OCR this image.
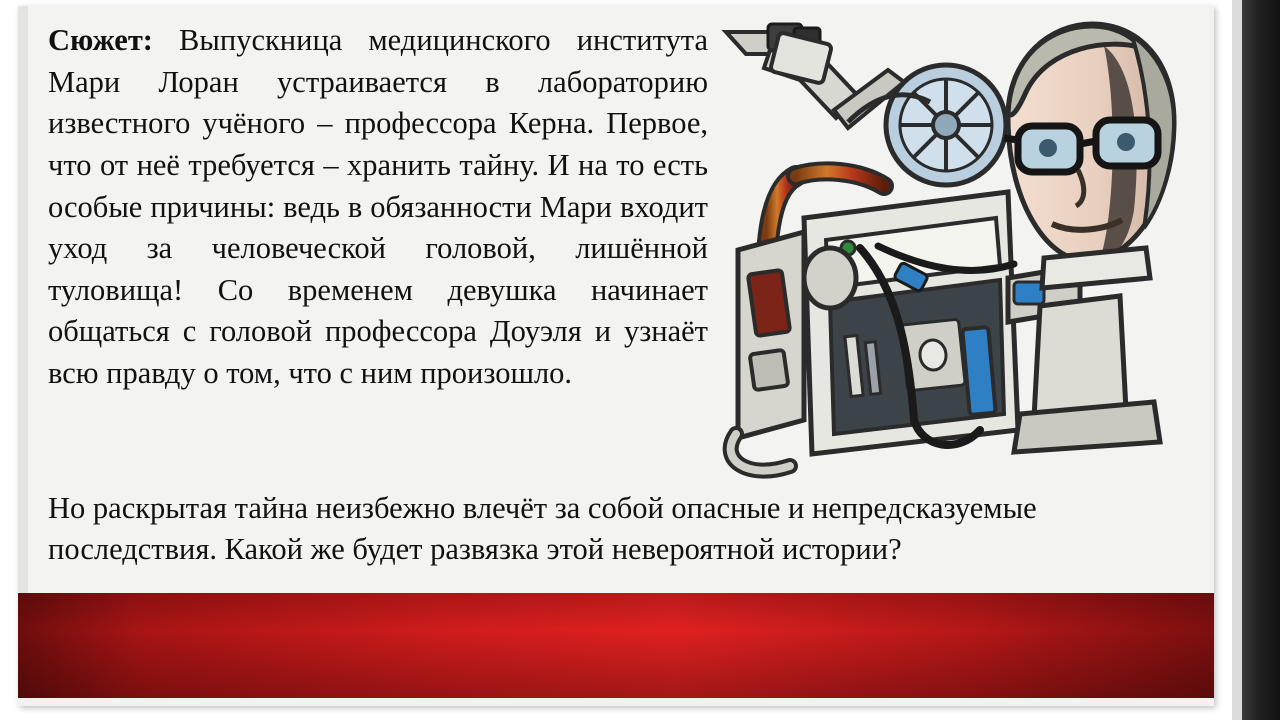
Сюжет: Выпускница медицинского института Мари Лоран устраивается в лабораторию известного учёного – профессора Керна. Первое, что от неё требуется – хранить тайну. И на то есть особые причины: ведь в обязанности Мари входит уход за человеческой головой, лишённой туловища! Со временем девушка начинает общаться с головой профессора Доуэля и узнаёт всю правду о том, что с ним произошло.

Но раскрытая тайна неизбежно влечёт за собой опасные и непредсказуемые последствия. Какой же будет развязка этой невероятной истории?
